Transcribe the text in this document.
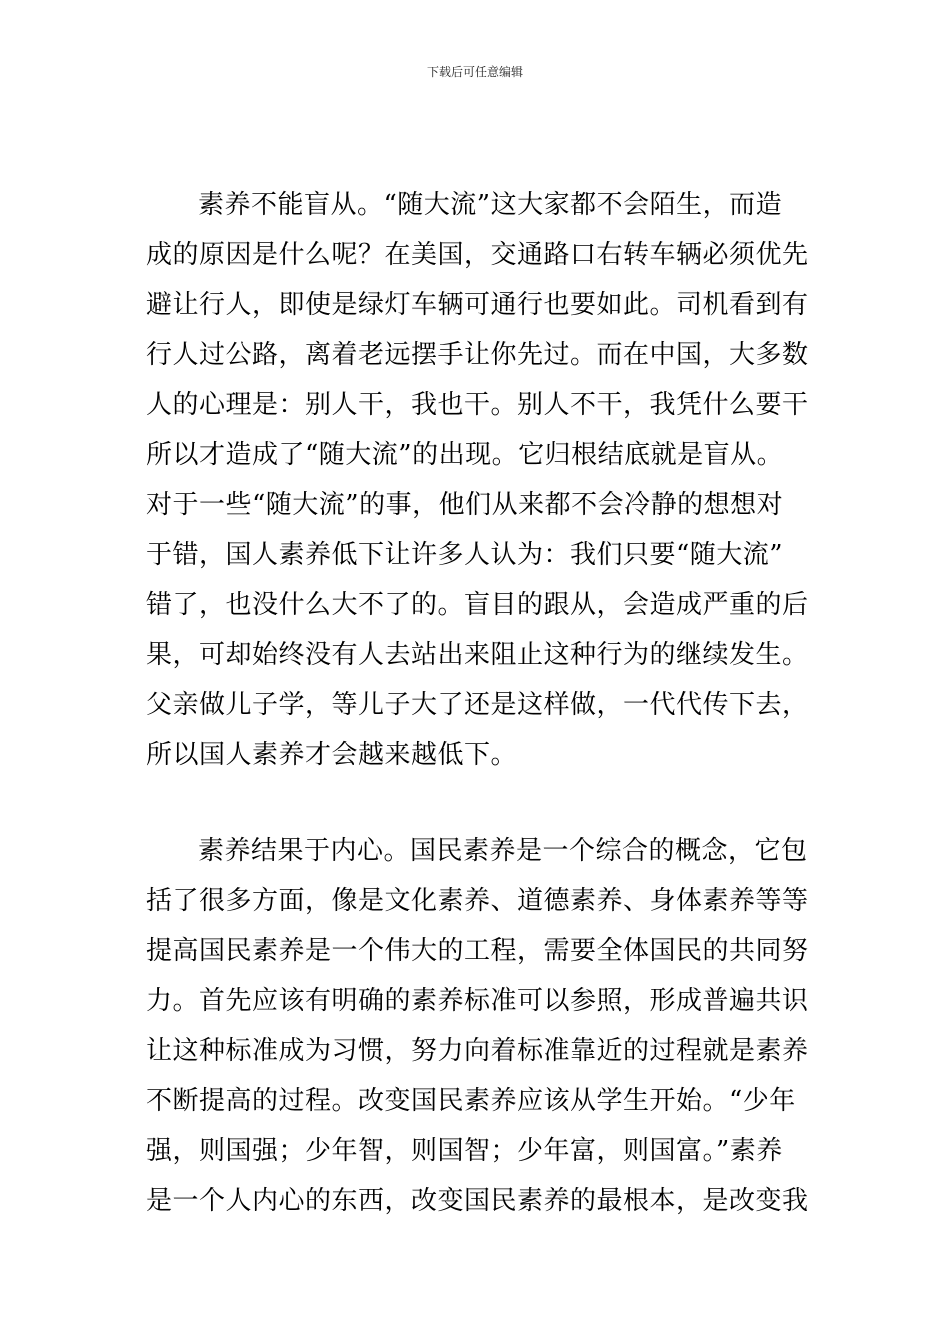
下载后可任意编辑
素养不能盲从。“随大流”这大家都不会陌生，而造
成的原因是什么呢？在美国，交通路口右转车辆必须优先
避让行人，即使是绿灯车辆可通行也要如此。司机看到有
行人过公路，离着老远摆手让你先过。而在中国，大多数
人的心理是：别人干，我也干。别人不干，我凭什么要干
所以才造成了“随大流”的出现。它归根结底就是盲从。
对于一些“随大流”的事，他们从来都不会冷静的想想对
于错，国人素养低下让许多人认为：我们只要“随大流”
错了，也没什么大不了的。盲目的跟从，会造成严重的后
果，可却始终没有人去站出来阻止这种行为的继续发生。
父亲做儿子学，等儿子大了还是这样做，一代代传下去，
所以国人素养才会越来越低下。
素养结果于内心。国民素养是一个综合的概念，它包
括了很多方面，像是文化素养、道德素养、身体素养等等
提高国民素养是一个伟大的工程，需要全体国民的共同努
力。首先应该有明确的素养标准可以参照，形成普遍共识
让这种标准成为习惯，努力向着标准靠近的过程就是素养
不断提高的过程。改变国民素养应该从学生开始。“少年
强，则国强；少年智，则国智；少年富，则国富。”素养
是一个人内心的东西，改变国民素养的最根本，是改变我
